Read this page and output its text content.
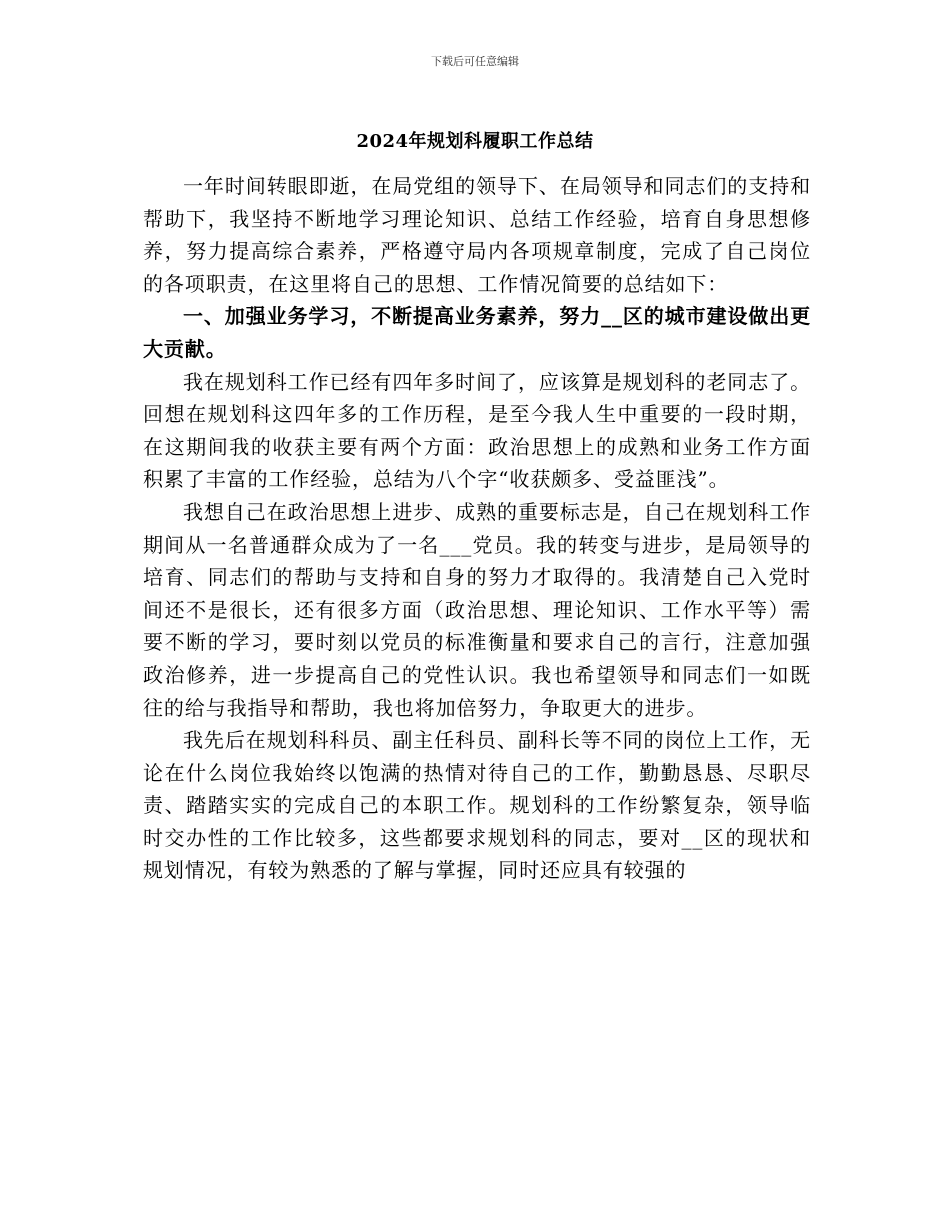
下载后可任意编辑
2024年规划科履职工作总结

一年时间转眼即逝，在局党组的领导下、在局领导和同志们的支持和帮助下，我坚持不断地学习理论知识、总结工作经验，培育自身思想修养，努力提高综合素养，严格遵守局内各项规章制度，完成了自己岗位的各项职责，在这里将自己的思想、工作情况简要的总结如下：

一、加强业务学习，不断提高业务素养，努力__区的城市建设做出更大贡献。

我在规划科工作已经有四年多时间了，应该算是规划科的老同志了。回想在规划科这四年多的工作历程，是至今我人生中重要的一段时期，在这期间我的收获主要有两个方面：政治思想上的成熟和业务工作方面积累了丰富的工作经验，总结为八个字“收获颇多、受益匪浅”。

我想自己在政治思想上进步、成熟的重要标志是，自己在规划科工作期间从一名普通群众成为了一名___党员。我的转变与进步，是局领导的培育、同志们的帮助与支持和自身的努力才取得的。我清楚自己入党时间还不是很长，还有很多方面（政治思想、理论知识、工作水平等）需要不断的学习，要时刻以党员的标准衡量和要求自己的言行，注意加强政治修养，进一步提高自己的党性认识。我也希望领导和同志们一如既往的给与我指导和帮助，我也将加倍努力，争取更大的进步。

我先后在规划科科员、副主任科员、副科长等不同的岗位上工作，无论在什么岗位我始终以饱满的热情对待自己的工作，勤勤恳恳、尽职尽责、踏踏实实的完成自己的本职工作。规划科的工作纷繁复杂，领导临时交办性的工作比较多，这些都要求规划科的同志，要对__区的现状和规划情况，有较为熟悉的了解与掌握，同时还应具有较强的
